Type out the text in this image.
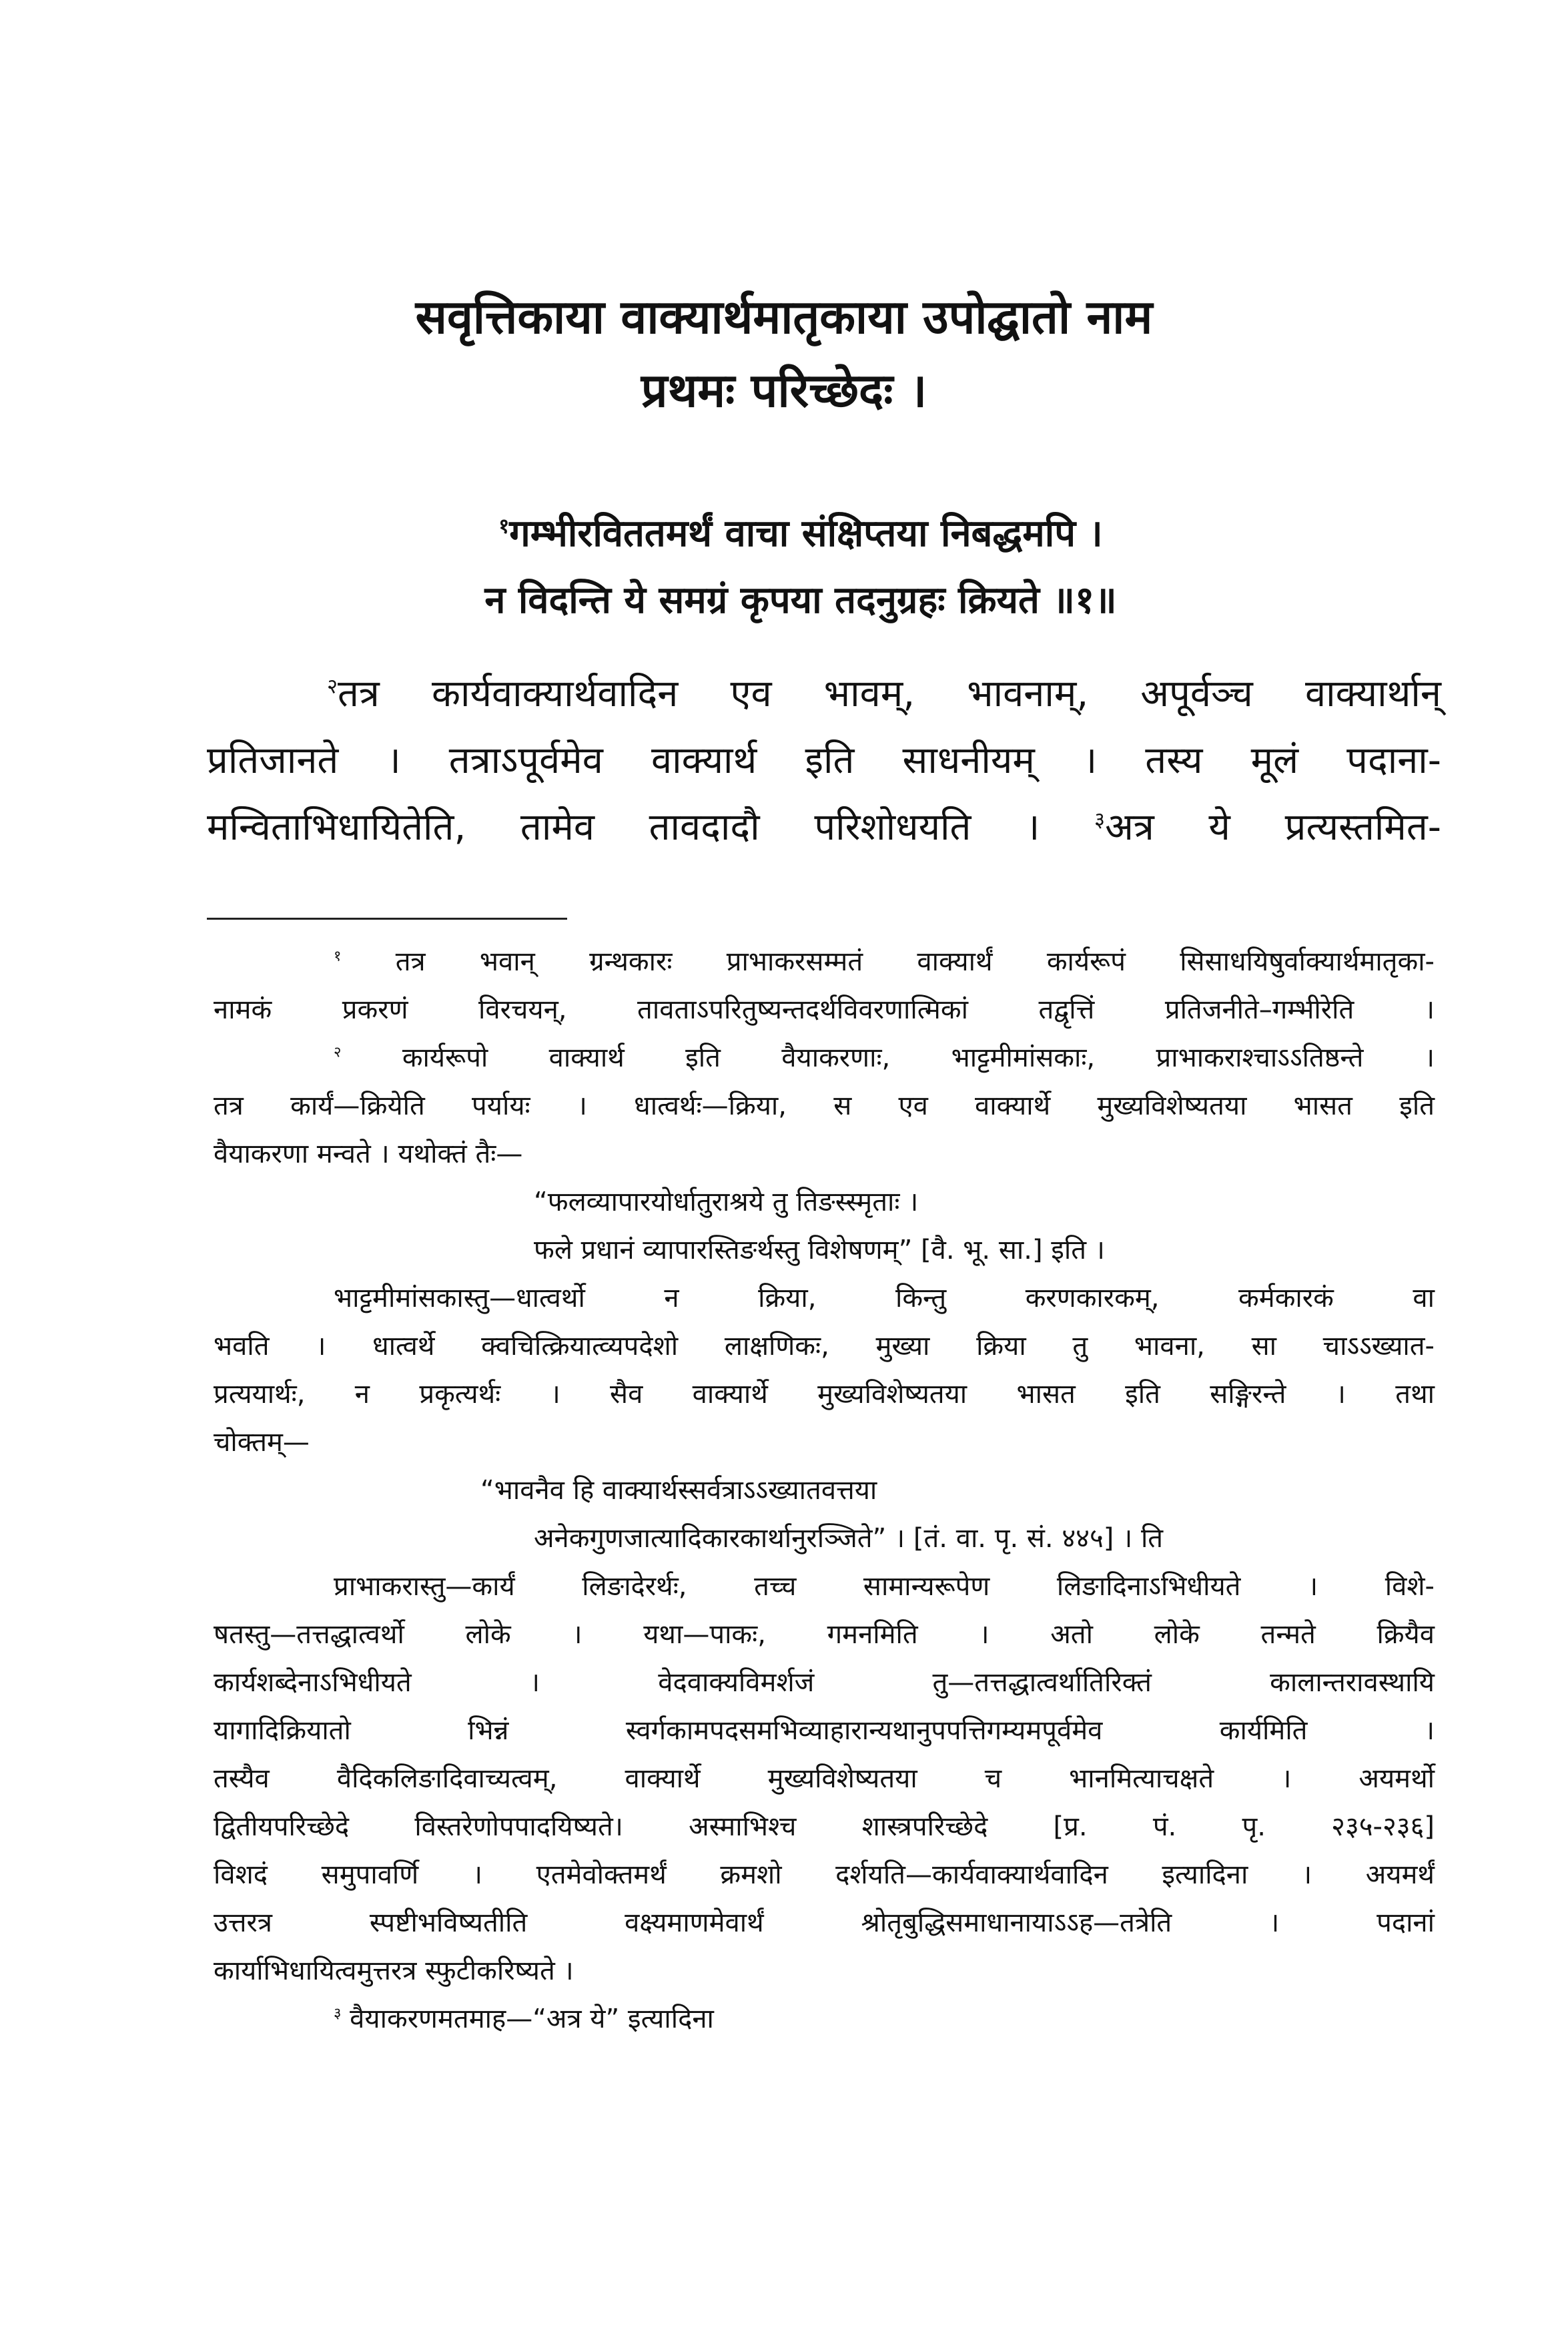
सवृत्तिकाया वाक्यार्थमातृकाया उपोद्घातो नाम
प्रथमः परिच्छेदः ।
$^१$गम्भीरविततमर्थं वाचा संक्षिप्तया निबद्धमपि ।
न विदन्ति ये समग्रं कृपया तदनुग्रहः क्रियते ॥१॥
$^२$तत्र कार्यवाक्यार्थवादिन एव भावम्, भावनाम्, अपूर्वञ्च वाक्यार्थान्
प्रतिजानते । तत्राऽपूर्वमेव वाक्यार्थ इति साधनीयम् । तस्य मूलं पदाना-
मन्विताभिधायितेति, तामेव तावदादौ परिशोधयति ।	$^३$अत्र ये प्रत्यस्तमित-
$^१$ तत्र भवान् ग्रन्थकारः प्राभाकरसम्मतं वाक्यार्थं कार्यरूपं सिसाधयिषुर्वाक्यार्थमातृका-
नामकं प्रकरणं विरचयन्, तावताऽपरितुष्यन्तदर्थविवरणात्मिकां तद्वृत्तिं प्रतिजनीते–गम्भीरेति ।
$^२$ कार्यरूपो वाक्यार्थ इति वैयाकरणाः, भाट्टमीमांसकाः, प्राभाकराश्चाऽऽतिष्ठन्ते ।
तत्र कार्यं—क्रियेति पर्यायः । धात्वर्थः—क्रिया, स एव वाक्यार्थे मुख्यविशेष्यतया भासत इति
वैयाकरणा मन्वते । यथोक्तं तैः—
“फलव्यापारयोर्धातुराश्रये तु तिङस्स्मृताः ।
फले प्रधानं व्यापारस्तिङर्थस्तु विशेषणम्” [वै. भू. सा.] इति ।
भाट्टमीमांसकास्तु—धात्वर्थो न क्रिया, किन्तु करणकारकम्, कर्मकारकं वा
भवति । धात्वर्थे क्वचित्क्रियात्व्यपदेशो लाक्षणिकः, मुख्या क्रिया तु भावना, सा चाऽऽख्यात-
प्रत्ययार्थः, न प्रकृत्यर्थः । सैव वाक्यार्थे मुख्यविशेष्यतया भासत इति सङ्गिरन्ते । तथा
चोक्तम्—
“भावनैव हि वाक्यार्थस्सर्वत्राऽऽख्यातवत्तया
अनेकगुणजात्यादिकारकार्थानुरञ्जिते” । [तं. वा. पृ. सं. ४४५] । ति
प्राभाकरास्तु—कार्यं लिङादेरर्थः, तच्च सामान्यरूपेण लिङादिनाऽभिधीयते । विशे-
षतस्तु—तत्तद्धात्वर्थो लोके । यथा—पाकः, गमनमिति । अतो लोके तन्मते क्रियैव
कार्यशब्देनाऽभिधीयते । वेदवाक्यविमर्शजं तु—तत्तद्धात्वर्थातिरिक्तं कालान्तरावस्थायि
यागादिक्रियातो भिन्नं स्वर्गकामपदसमभिव्याहारान्यथानुपपत्तिगम्यमपूर्वमेव कार्यमिति ।
तस्यैव वैदिकलिङादिवाच्यत्वम्, वाक्यार्थे मुख्यविशेष्यतया च भानमित्याचक्षते । अयमर्थो
द्वितीयपरिच्छेदे विस्तरेणोपपादयिष्यते। अस्माभिश्च शास्त्रपरिच्छेदे [प्र. पं. पृ. २३५-२३६]
विशदं समुपावर्णि । एतमेवोक्तमर्थं क्रमशो दर्शयति—कार्यवाक्यार्थवादिन इत्यादिना । अयमर्थं
उत्तरत्र स्पष्टीभविष्यतीति वक्ष्यमाणमेवार्थं श्रोतृबुद्धिसमाधानायाऽऽह—तत्रेति । पदानां
कार्याभिधायित्वमुत्तरत्र स्फुटीकरिष्यते ।
$^३$ वैयाकरणमतमाह—“अत्र ये” इत्यादिना
